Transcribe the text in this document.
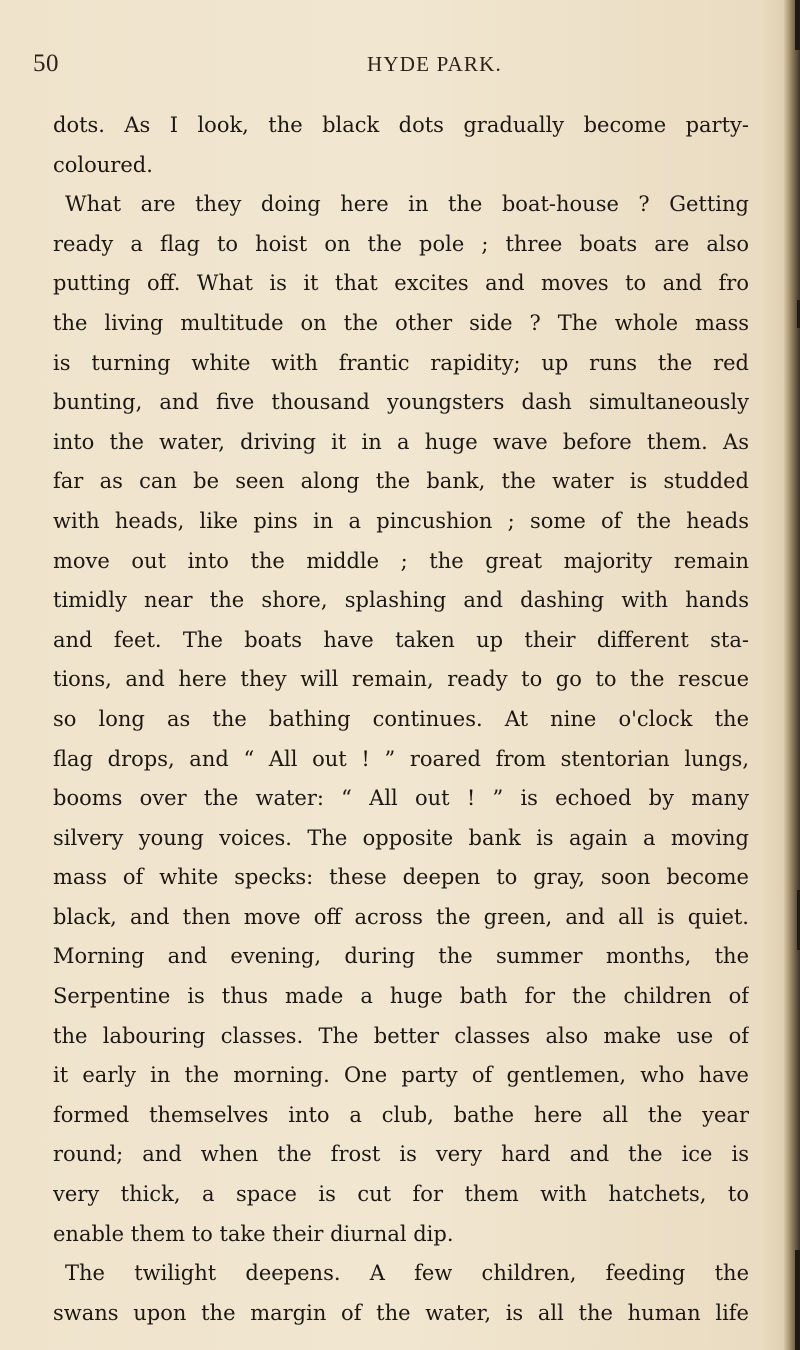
50	HYDE PARK.
dots. As I look, the black dots gradually become party-
coloured.
What are they doing here in the boat-house ? Getting
ready a flag to hoist on the pole ; three boats are also
putting off. What is it that excites and moves to and fro
the living multitude on the other side ? The whole mass
is turning white with frantic rapidity; up runs the red
bunting, and five thousand youngsters dash simultaneously
into the water, driving it in a huge wave before them. As
far as can be seen along the bank, the water is studded
with heads, like pins in a pincushion ; some of the heads
move out into the middle ; the great majority remain
timidly near the shore, splashing and dashing with hands
and feet. The boats have taken up their different sta-
tions, and here they will remain, ready to go to the rescue
so long as the bathing continues. At nine o'clock the
flag drops, and “ All out ! ” roared from stentorian lungs,
booms over the water: “ All out ! ” is echoed by many
silvery young voices. The opposite bank is again a moving
mass of white specks: these deepen to gray, soon become
black, and then move off across the green, and all is quiet.
Morning and evening, during the summer months, the
Serpentine is thus made a huge bath for the children of
the labouring classes. The better classes also make use of
it early in the morning. One party of gentlemen, who have
formed themselves into a club, bathe here all the year
round; and when the frost is very hard and the ice is
very thick, a space is cut for them with hatchets, to
enable them to take their diurnal dip.
The twilight deepens. A few children, feeding the
swans upon the margin of the water, is all the human life
